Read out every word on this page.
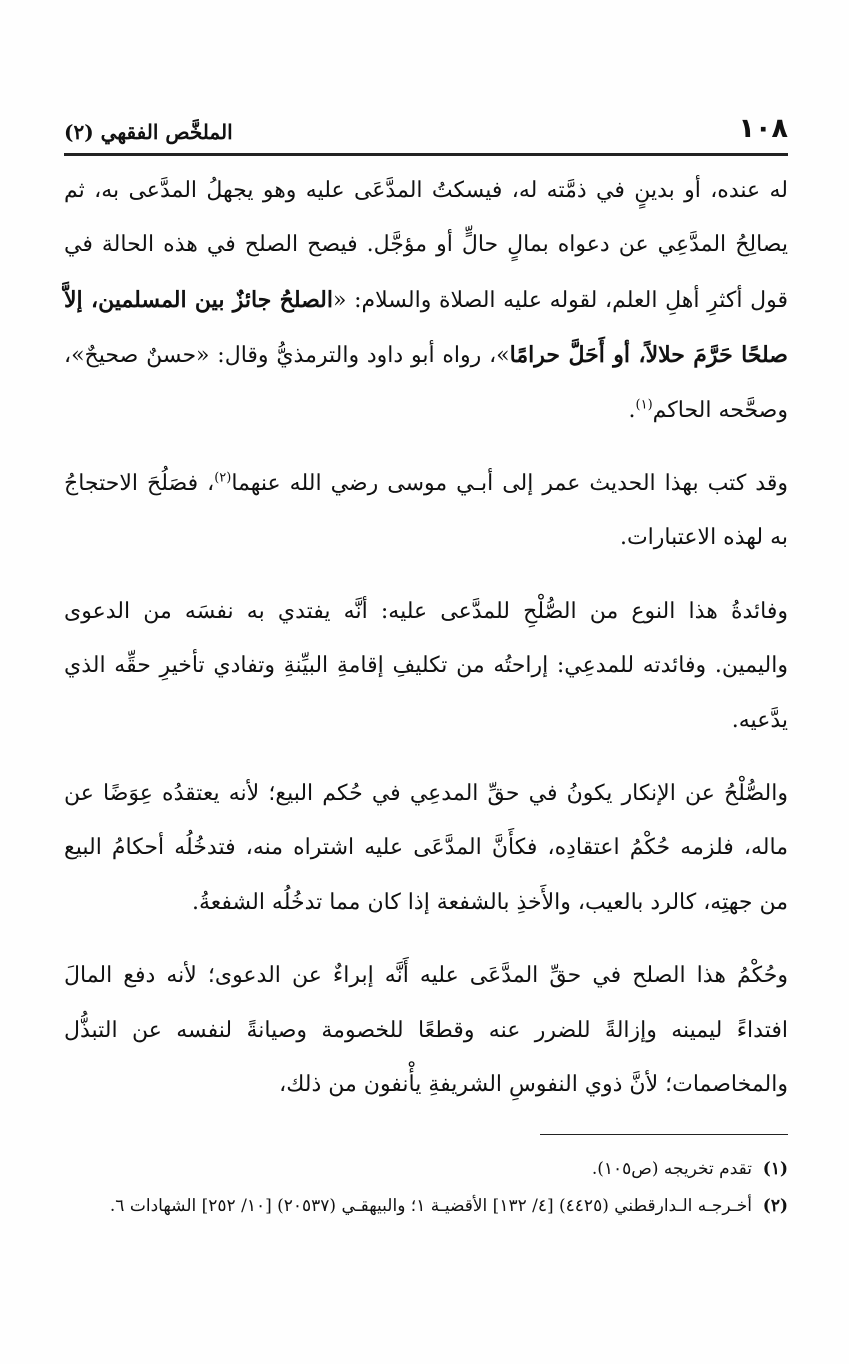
١٠٨
الملخَّص الفقهي (٢)

له عنده، أو بدينٍ في ذمَّته له، فيسكتُ المدَّعَى عليه وهو يجهلُ المدَّعى به، ثم يصالِحُ المدَّعِي عن دعواه بمالٍ حالٍّ أو مؤجَّل. فيصح الصلح في هذه الحالة في قول أكثرِ أهلِ العلم، لقوله عليه الصلاة والسلام: «الصلحُ جائزٌ بين المسلمين، إلاَّ صلحًا حَرَّمَ حلالاً، أو أَحَلَّ حرامًا»، رواه أبو داود والترمذيُّ وقال: «حسنٌ صحيحٌ»، وصحَّحه الحاكم$^{(١)}$.

وقد كتب بهذا الحديث عمر إلى أبـي موسى رضي الله عنهما$^{(٢)}$، فصَلُحَ الاحتجاجُ به لهذه الاعتبارات.

وفائدةُ هذا النوع من الصُّلْحِ للمدَّعى عليه: أنَّه يفتدي به نفسَه من الدعوى واليمين. وفائدته للمدعِي: إراحتُه من تكليفِ إقامةِ البيِّنةِ وتفادي تأخيرِ حقِّه الذي يدَّعيه.

والصُّلْحُ عن الإنكار يكونُ في حقِّ المدعِي في حُكم البيع؛ لأنه يعتقدُه عِوَضًا عن ماله، فلزمه حُكْمُ اعتقادِه، فكأَنَّ المدَّعَى عليه اشتراه منه، فتدخُلُه أحكامُ البيع من جهتِه، كالرد بالعيب، والأَخذِ بالشفعة إذا كان مما تدخُلُه الشفعةُ.

وحُكْمُ هذا الصلح في حقِّ المدَّعَى عليه أَنَّه إبراءٌ عن الدعوى؛ لأنه دفع المالَ افتداءً ليمينه وإزالةً للضرر عنه وقطعًا للخصومة وصيانةً لنفسه عن التبذُّل والمخاصمات؛ لأنَّ ذوي النفوسِ الشريفةِ يأْنفون من ذلك،

(١)  تقدم تخريجه (ص١٠٥).

(٢)  أخـرجـه الـدارقطني (٤٤٢٥) [٤/ ١٣٢] الأقضيـة ١؛ والبيهقـي (٢٠٥٣٧) [١٠/ ٢٥٢] الشهادات ٦.
